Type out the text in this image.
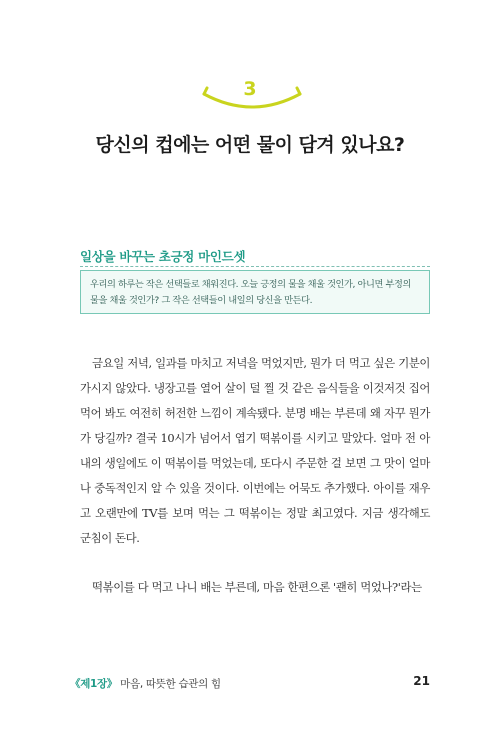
3
당신의 컵에는 어떤 물이 담겨 있나요?
일상을 바꾸는 초긍정 마인드셋
우리의 하루는 작은 선택들로 채워진다. 오늘 긍정의 물을 채울 것인가, 아니면 부정의 물을 채울 것인가? 그 작은 선택들이 내일의 당신을 만든다.

금요일 저녁, 일과를 마치고 저녁을 먹었지만, 뭔가 더 먹고 싶은 기분이 가시지 않았다. 냉장고를 열어 살이 덜 찔 것 같은 음식들을 이것저것 집어 먹어 봐도 여전히 허전한 느낌이 계속됐다. 분명 배는 부른데 왜 자꾸 뭔가가 당길까? 결국 10시가 넘어서 엽기 떡볶이를 시키고 말았다. 얼마 전 아내의 생일에도 이 떡볶이를 먹었는데, 또다시 주문한 걸 보면 그 맛이 얼마나 중독적인지 알 수 있을 것이다. 이번에는 어묵도 추가했다. 아이를 재우고 오랜만에 TV를 보며 먹는 그 떡볶이는 정말 최고였다. 지금 생각해도 군침이 돈다.

떡볶이를 다 먹고 나니 배는 부른데, 마음 한편으론 '괜히 먹었나?'라는

《제1장》 마음, 따뜻한 습관의 힘	21
